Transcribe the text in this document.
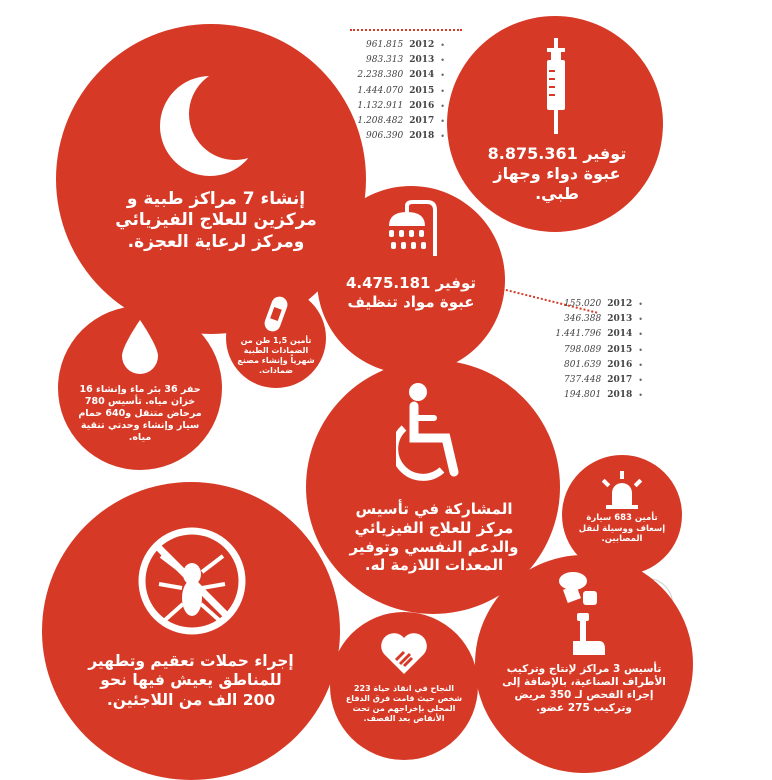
إنشاء 7 مراكز طبية و مركزين للعلاج الفيزيائي ومركز لرعاية العجزة.
توفير 8.875.361 عبوة دواء وجهاز طبي.
961.815 2012 •
983.313 2013 •
2.238.380 2014 •
1.444.070 2015 •
1.132.911 2016 •
1.208.482 2017 •
906.390 2018 •
توفير 4.475.181 عبوة مواد تنظيف	155.020 2012 •
346.388 2013 •
1.441.796 2014 •
798.089 2015 •
801.639 2016 •
737.448 2017 •
194.801 2018 •
حفر 36 بئر ماء وإنشاء 16 خزان مياه. تأسيس 780 مرحاض متنقل و640 حمام سيار وإنشاء وحدتي تنقية مياه.
تأمين 1,5 طن من الضمادات الطبية شهرياً وإنشاء مصنع ضمادات.
المشاركة في تأسيس مركز للعلاج الفيزيائي والدعم النفسي وتوفير المعدات اللازمة له.
تأمين 683 سيارة إسعاف ووسيلة لنقل المصابين.
إجراء حملات تعقيم وتطهير للمناطق يعيش فيها نحو 200 الف من اللاجئين.
النجاح في انقاذ حياة 223 شخص حيث قامت فرق الدفاع المحلي بإخراجهم من تحت الأنقاض بعد القصف.
تأسيس 3 مراكز لإنتاج وتركيب الأطراف الصناعية، بالإضافة إلى إجراء الفحص لـ 350 مريض وتركيب 275 عضو.
